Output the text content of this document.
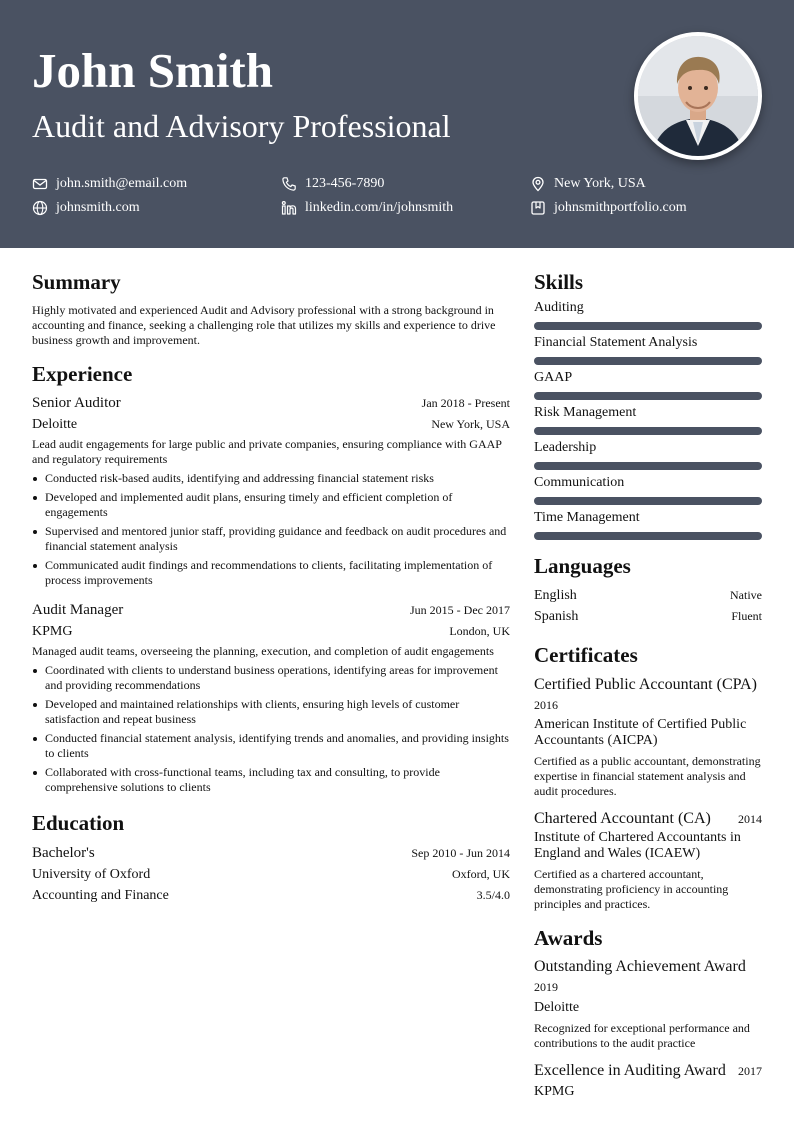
John Smith
Audit and Advisory Professional
john.smith@email.com	123-456-7890	New York, USA
johnsmith.com	linkedin.com/in/johnsmith	johnsmithportfolio.com
Summary
Highly motivated and experienced Audit and Advisory professional with a strong background in accounting and finance, seeking a challenging role that utilizes my skills and experience to drive business growth and improvement.
Experience
Senior Auditor	Jan 2018 - Present
Deloitte	New York, USA
Lead audit engagements for large public and private companies, ensuring compliance with GAAP and regulatory requirements
Conducted risk-based audits, identifying and addressing financial statement risks
Developed and implemented audit plans, ensuring timely and efficient completion of engagements
Supervised and mentored junior staff, providing guidance and feedback on audit procedures and financial statement analysis
Communicated audit findings and recommendations to clients, facilitating implementation of process improvements
Audit Manager	Jun 2015 - Dec 2017
KPMG	London, UK
Managed audit teams, overseeing the planning, execution, and completion of audit engagements
Coordinated with clients to understand business operations, identifying areas for improvement and providing recommendations
Developed and maintained relationships with clients, ensuring high levels of customer satisfaction and repeat business
Conducted financial statement analysis, identifying trends and anomalies, and providing insights to clients
Collaborated with cross-functional teams, including tax and consulting, to provide comprehensive solutions to clients
Education
Bachelor's	Sep 2010 - Jun 2014
University of Oxford	Oxford, UK
Accounting and Finance	3.5/4.0
Skills
Auditing
Financial Statement Analysis
GAAP
Risk Management
Leadership
Communication
Time Management
Languages
English	Native
Spanish	Fluent
Certificates
Certified Public Accountant (CPA)
2016
American Institute of Certified Public Accountants (AICPA)
Certified as a public accountant, demonstrating expertise in financial statement analysis and audit procedures.
Chartered Accountant (CA) 2014
Institute of Chartered Accountants in England and Wales (ICAEW)
Certified as a chartered accountant, demonstrating proficiency in accounting principles and practices.
Awards
Outstanding Achievement Award
2019
Deloitte
Recognized for exceptional performance and contributions to the audit practice
Excellence in Auditing Award 2017
KPMG
